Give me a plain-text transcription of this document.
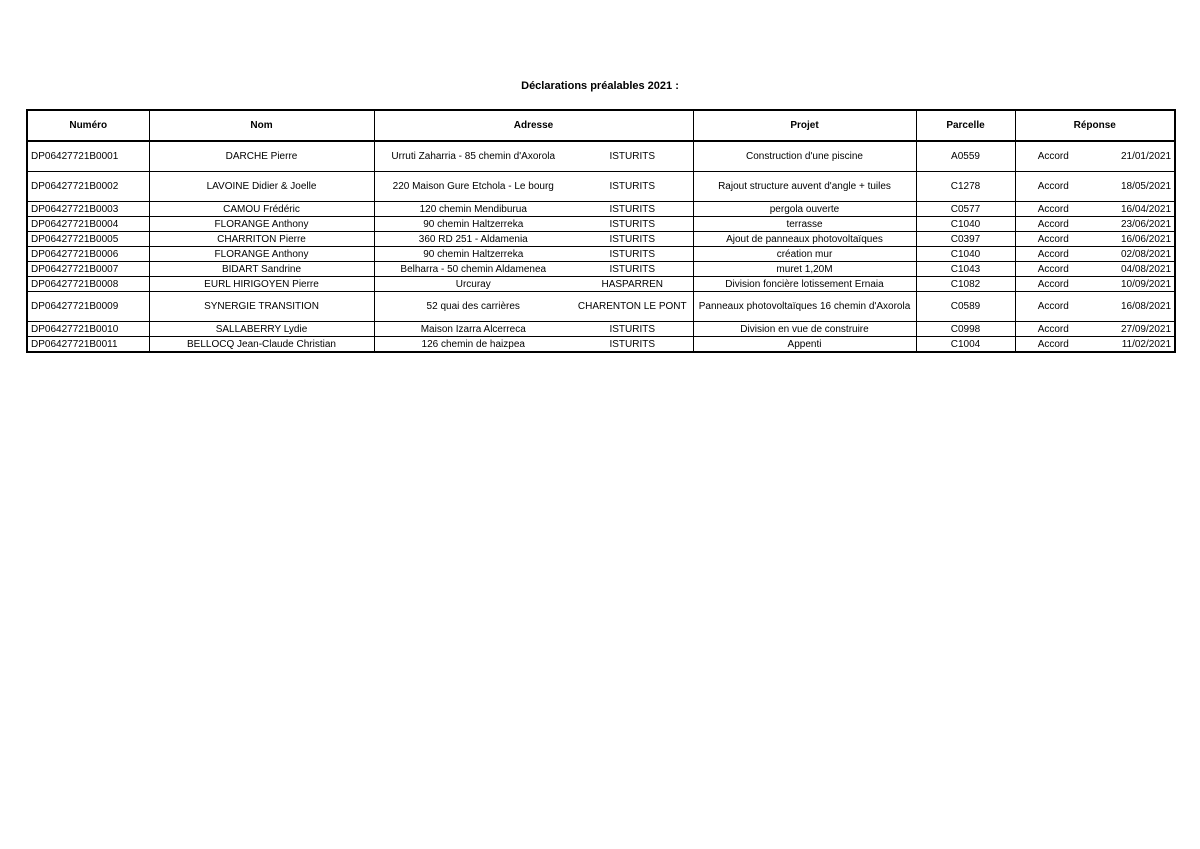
Déclarations préalables 2021 :
Numéro	Nom	Adresse		Projet	Parcelle	Réponse	
DP06427721B0001	DARCHE Pierre	Urruti Zaharria - 85 chemin d'Axorola	ISTURITS	Construction d'une piscine	A0559	Accord	21/01/2021
DP06427721B0002	LAVOINE Didier & Joelle	220 Maison Gure Etchola - Le bourg	ISTURITS	Rajout structure auvent d'angle + tuiles	C1278	Accord	18/05/2021
DP06427721B0003	CAMOU Frédéric	120 chemin Mendiburua	ISTURITS	pergola ouverte	C0577	Accord	16/04/2021
DP06427721B0004	FLORANGE Anthony	90 chemin Haltzerreka	ISTURITS	terrasse	C1040	Accord	23/06/2021
DP06427721B0005	CHARRITON Pierre	360 RD 251 - Aldamenia	ISTURITS	Ajout de panneaux photovoltaïques	C0397	Accord	16/06/2021
DP06427721B0006	FLORANGE Anthony	90 chemin Haltzerreka	ISTURITS	création mur	C1040	Accord	02/08/2021
DP06427721B0007	BIDART Sandrine	Belharra - 50 chemin Aldamenea	ISTURITS	muret 1,20M	C1043	Accord	04/08/2021
DP06427721B0008	EURL HIRIGOYEN Pierre	Urcuray	HASPARREN	Division foncière lotissement Ernaia	C1082	Accord	10/09/2021
DP06427721B0009	SYNERGIE TRANSITION	52 quai des carrières	CHARENTON LE PONT	Panneaux photovoltaïques 16 chemin d'Axorola	C0589	Accord	16/08/2021
DP06427721B0010	SALLABERRY Lydie	Maison Izarra Alcerreca	ISTURITS	Division en vue de construire	C0998	Accord	27/09/2021
DP06427721B0011	BELLOCQ Jean-Claude Christian	126 chemin de haizpea	ISTURITS	Appenti	C1004	Accord	11/02/2021
